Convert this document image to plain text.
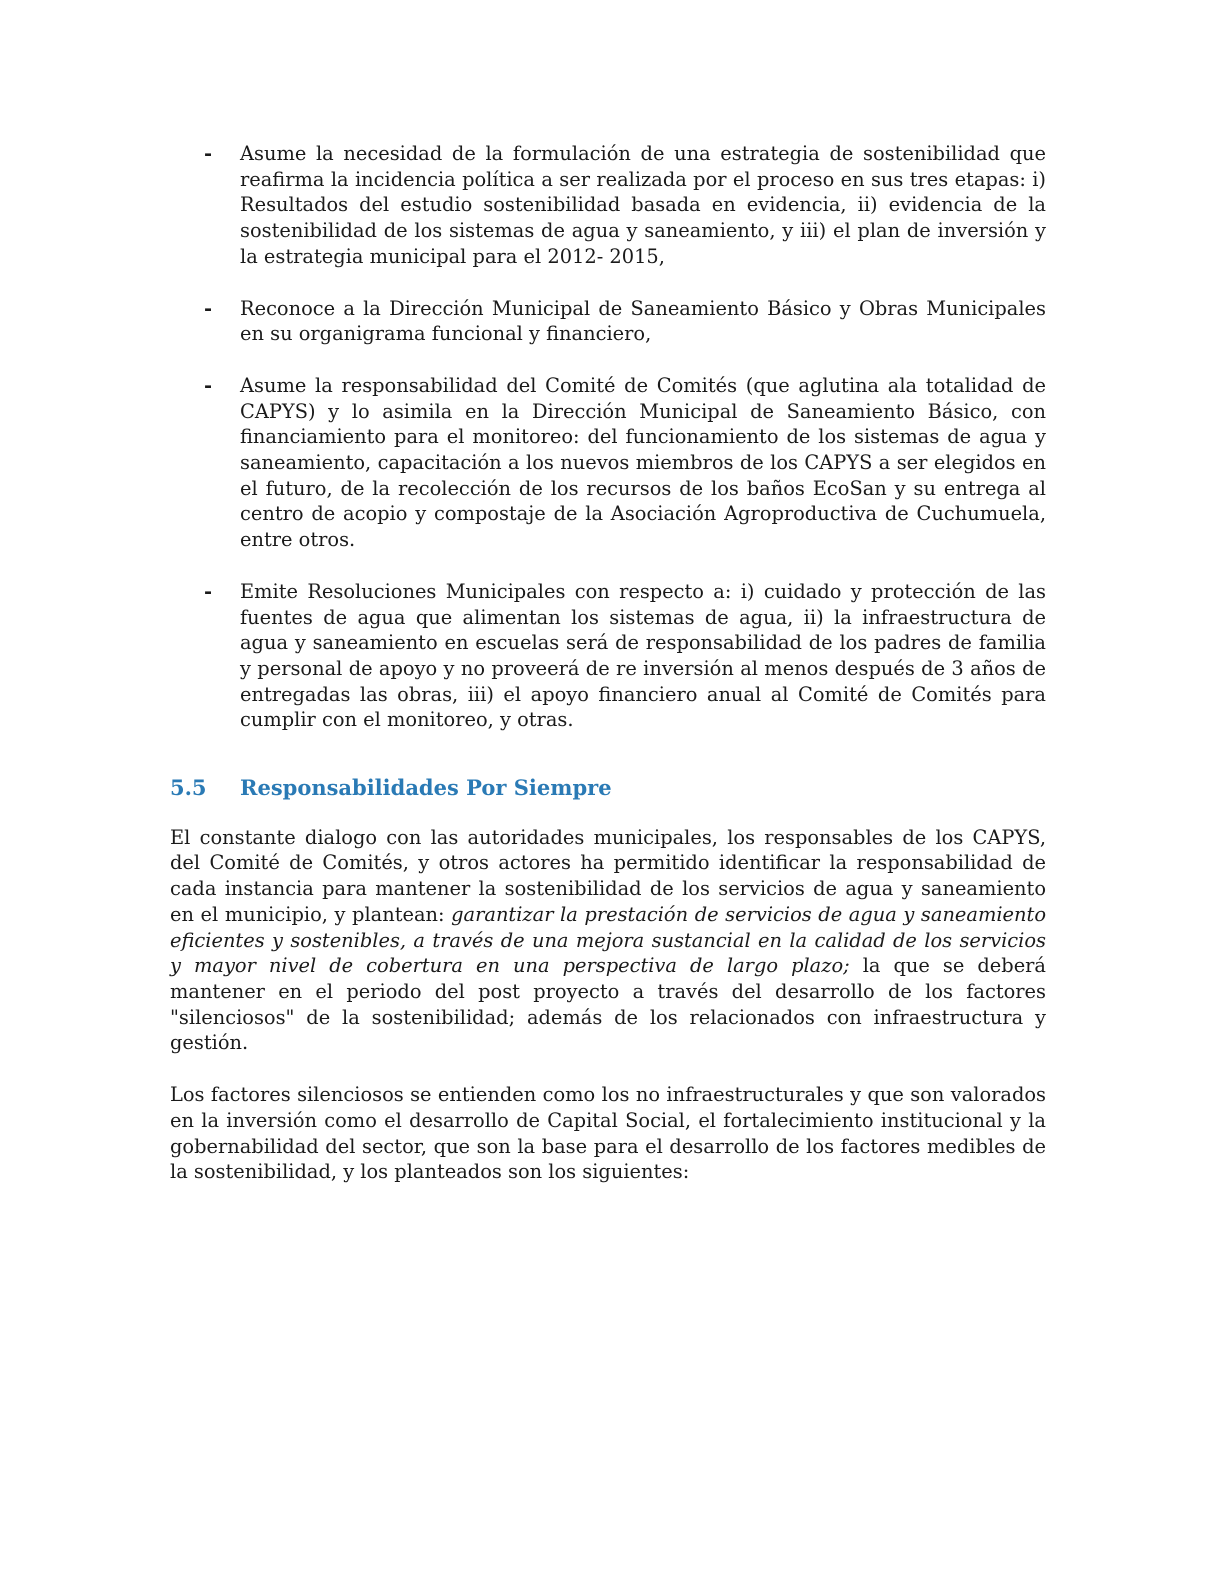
- Asume la necesidad de la formulación de una estrategia de sostenibilidad que reafirma la incidencia política a ser realizada por el proceso en sus tres etapas: i) Resultados del estudio sostenibilidad basada en evidencia, ii) evidencia de la sostenibilidad de los sistemas de agua y saneamiento, y iii) el plan de inversión y la estrategia municipal para el 2012- 2015,
- Reconoce a la Dirección Municipal de Saneamiento Básico y Obras Municipales en su organigrama funcional y financiero,
- Asume la responsabilidad del Comité de Comités (que aglutina ala totalidad de CAPYS) y lo asimila en la Dirección Municipal de Saneamiento Básico, con financiamiento para el monitoreo: del funcionamiento de los sistemas de agua y saneamiento, capacitación a los nuevos miembros de los CAPYS a ser elegidos en el futuro, de la recolección de los recursos de los baños EcoSan y su entrega al centro de acopio y compostaje de la Asociación Agroproductiva de Cuchumuela, entre otros.
- Emite Resoluciones Municipales con respecto a: i) cuidado y protección de las fuentes de agua que alimentan los sistemas de agua, ii) la infraestructura de agua y saneamiento en escuelas será de responsabilidad de los padres de familia y personal de apoyo y no proveerá de re inversión al menos después de 3 años de entregadas las obras, iii) el apoyo financiero anual al Comité de Comités para cumplir con el monitoreo, y otras.
5.5	Responsabilidades Por Siempre

El constante dialogo con las autoridades municipales, los responsables de los CAPYS, del Comité de Comités, y otros actores ha permitido identificar la responsabilidad de cada instancia para mantener la sostenibilidad de los servicios de agua y saneamiento en el municipio, y plantean: garantizar la prestación de servicios de agua y saneamiento eficientes y sostenibles, a través de una mejora sustancial en la calidad de los servicios y mayor nivel de cobertura en una perspectiva de largo plazo; la que se deberá mantener en el periodo del post proyecto a través del desarrollo de los factores "silenciosos" de la sostenibilidad; además de los relacionados con infraestructura y gestión.

Los factores silenciosos se entienden como los no infraestructurales y que son valorados en la inversión como el desarrollo de Capital Social, el fortalecimiento institucional y la gobernabilidad del sector, que son la base para el desarrollo de los factores medibles de la sostenibilidad, y los planteados son los siguientes:
